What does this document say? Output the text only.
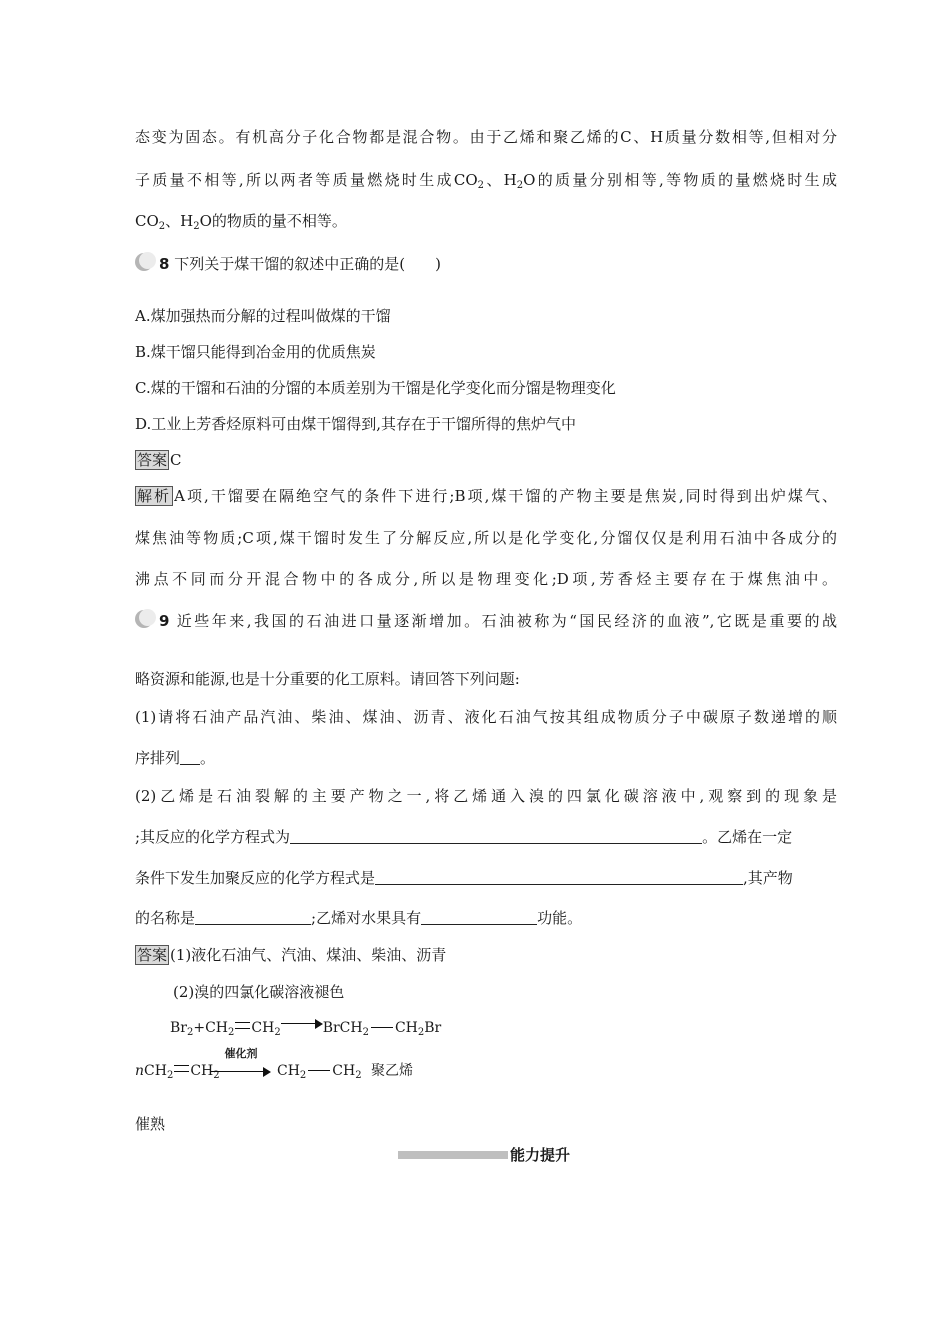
态变为固态。有机高分子化合物都是混合物。由于乙烯和聚乙烯的C、H质量分数相等,但相对分
子质量不相等,所以两者等质量燃烧时生成$CO_2$、$H_2O$的质量分别相等,等物质的量燃烧时生成
$CO_2$、$H_2O$的物质的量不相等。
8 下列关于煤干馏的叙述中正确的是(　　)
A.煤加强热而分解的过程叫做煤的干馏
B.煤干馏只能得到冶金用的优质焦炭
C.煤的干馏和石油的分馏的本质差别为干馏是化学变化而分馏是物理变化
D.工业上芳香烃原料可由煤干馏得到,其存在于干馏所得的焦炉气中
答案 C
解析 A项,干馏要在隔绝空气的条件下进行;B项,煤干馏的产物主要是焦炭,同时得到出炉煤气、
煤焦油等物质;C项,煤干馏时发生了分解反应,所以是化学变化,分馏仅仅是利用石油中各成分的
沸点不同而分开混合物中的各成分,所以是物理变化;D项,芳香烃主要存在于煤焦油中。
9 近些年来,我国的石油进口量逐渐增加。石油被称为“国民经济的血液”,它既是重要的战
略资源和能源,也是十分重要的化工原料。请回答下列问题:
(1)请将石油产品汽油、柴油、煤油、沥青、液化石油气按其组成物质分子中碳原子数递增的顺
序排列 。
(2)乙烯是石油裂解的主要产物之一,将乙烯通入溴的四氯化碳溶液中,观察到的现象是
;其反应的化学方程式为	。乙烯在一定
条件下发生加聚反应的化学方程式是	,其产物
的名称是	;乙烯对水果具有	功能。
答案 (1)液化石油气、汽油、煤油、柴油、沥青
(2)溴的四氯化碳溶液褪色
$Br_2+CH_2$ $CH_2$	BrCH$_2$ $CH_2Br$
nCH$_2$ $CH_2$
催化剂
$CH_2$ $CH_2$ 聚乙烯
催熟
能力提升
